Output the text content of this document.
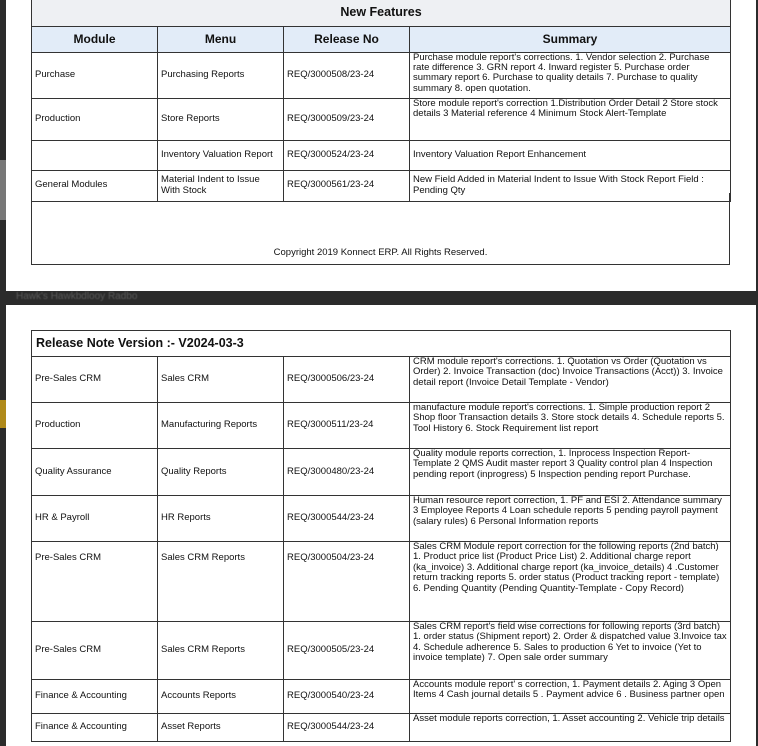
New Features			
Module	Menu	Release No	Summary
Purchase	Purchasing Reports	REQ/3000508/23-24	Purchase module report's corrections. 1. Vendor selection 2. Purchase rate difference 3. GRN report 4. Inward register 5. Purchase order summary report 6. Purchase to quality details 7. Purchase to quality summary 8. open quotation.
Production	Store Reports	REQ/3000509/23-24	Store module report's correction 1.Distribution Order Detail 2 Store stock details 3 Material reference 4 Minimum Stock Alert-Template
	Inventory Valuation Report	REQ/3000524/23-24	Inventory Valuation Report Enhancement
General Modules	Material Indent to Issue With Stock	REQ/3000561/23-24	New Field Added in Material Indent to Issue With Stock Report Field : Pending Qty
Copyright 2019 Konnect ERP. All Rights Reserved.
Hawk's Hawkbdlooy Radbo
Release Note Version :- V2024-03-3			
Pre-Sales CRM	Sales CRM	REQ/3000506/23-24	CRM module report's corrections. 1. Quotation vs Order (Quotation vs Order) 2. Invoice Transaction (doc) Invoice Transactions (Acct)) 3. Invoice detail report (Invoice Detail Template - Vendor)
Production	Manufacturing Reports	REQ/3000511/23-24	manufacture module report's corrections. 1. Simple production report 2 Shop floor Transaction details 3. Store stock details 4. Schedule reports 5. Tool History 6. Stock Requirement list report
Quality Assurance	Quality Reports	REQ/3000480/23-24	Quality module reports correction, 1. Inprocess Inspection Report-Template 2 QMS Audit master report 3 Quality control plan 4 Inspection pending report (inprogress) 5 Inspection pending report Purchase.
HR & Payroll	HR Reports	REQ/3000544/23-24	Human resource report correction, 1. PF and ESI 2. Attendance summary 3 Employee Reports 4 Loan schedule reports 5 pending payroll payment (salary rules) 6 Personal Information reports
Pre-Sales CRM	Sales CRM Reports	REQ/3000504/23-24	Sales CRM Module report correction for the following reports (2nd batch) 1. Product price list (Product Price List) 2. Additional charge report (ka_invoice) 3. Additional charge report (ka_invoice_details) 4 .Customer return tracking reports 5. order status (Product tracking report - template) 6. Pending Quantity (Pending Quantity-Template - Copy Record)
Pre-Sales CRM	Sales CRM Reports	REQ/3000505/23-24	Sales CRM report's field wise corrections for following reports (3rd batch) 1. order status (Shipment report) 2. Order & dispatched value 3.Invoice tax 4. Schedule adherence 5. Sales to production 6 Yet to invoice (Yet to invoice template) 7. Open sale order summary
Finance & Accounting	Accounts Reports	REQ/3000540/23-24	Accounts module report' s correction, 1. Payment details 2. Aging 3 Open Items 4 Cash journal details 5 . Payment advice 6 . Business partner open
Finance & Accounting	Asset Reports	REQ/3000544/23-24	Asset module reports correction, 1. Asset accounting 2. Vehicle trip details
